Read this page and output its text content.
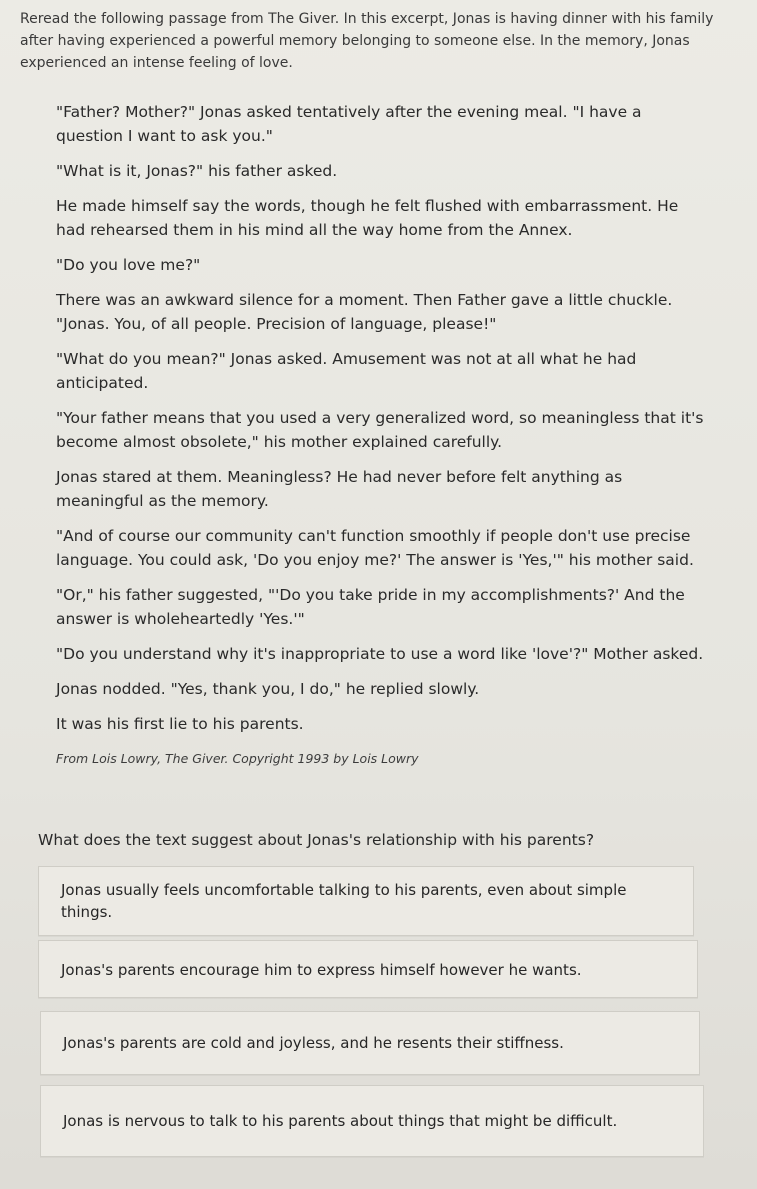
Reread the following passage from The Giver. In this excerpt, Jonas is having dinner with his family after having experienced a powerful memory belonging to someone else. In the memory, Jonas experienced an intense feeling of love.

"Father? Mother?" Jonas asked tentatively after the evening meal. "I have a question I want to ask you."

"What is it, Jonas?" his father asked.

He made himself say the words, though he felt flushed with embarrassment. He had rehearsed them in his mind all the way home from the Annex.

"Do you love me?"

There was an awkward silence for a moment. Then Father gave a little chuckle. "Jonas. You, of all people. Precision of language, please!"

"What do you mean?" Jonas asked. Amusement was not at all what he had anticipated.

"Your father means that you used a very generalized word, so meaningless that it's become almost obsolete," his mother explained carefully.

Jonas stared at them. Meaningless? He had never before felt anything as meaningful as the memory.

"And of course our community can't function smoothly if people don't use precise language. You could ask, 'Do you enjoy me?' The answer is 'Yes,'" his mother said.

"Or," his father suggested, "'Do you take pride in my accomplishments?' And the answer is wholeheartedly 'Yes.'"

"Do you understand why it's inappropriate to use a word like 'love'?" Mother asked.

Jonas nodded. "Yes, thank you, I do," he replied slowly.

It was his first lie to his parents.

From Lois Lowry, The Giver. Copyright 1993 by Lois Lowry

What does the text suggest about Jonas's relationship with his parents?
Jonas usually feels uncomfortable talking to his parents, even about simple things.
Jonas's parents encourage him to express himself however he wants.
Jonas's parents are cold and joyless, and he resents their stiffness.
Jonas is nervous to talk to his parents about things that might be difficult.
